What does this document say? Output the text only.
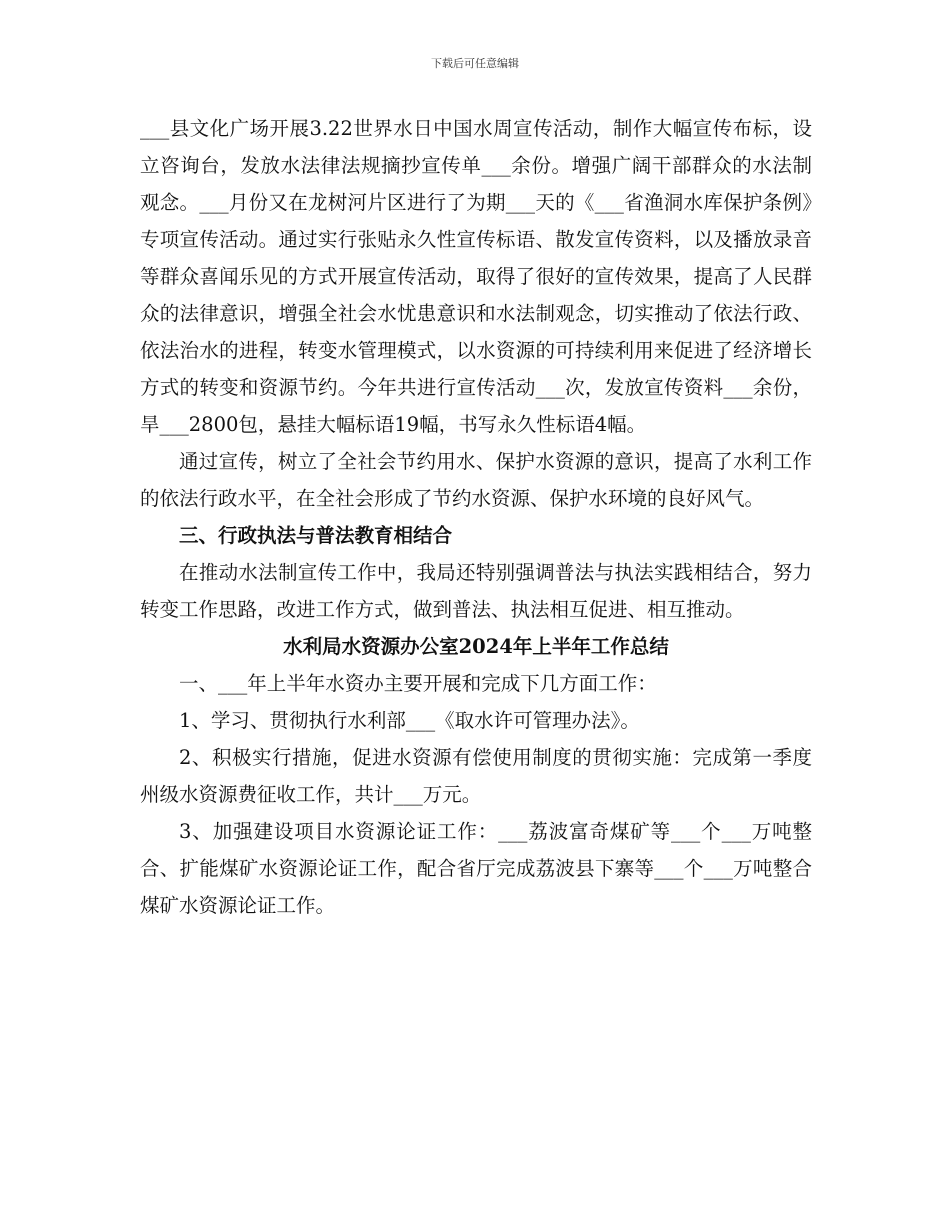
下载后可任意编辑

___县文化广场开展3.22世界水日中国水周宣传活动，制作大幅宣传布标，设立咨询台，发放水法律法规摘抄宣传单___余份。增强广阔干部群众的水法制观念。___月份又在龙树河片区进行了为期___天的《___省渔洞水库保护条例》专项宣传活动。通过实行张贴永久性宣传标语、散发宣传资料，以及播放录音等群众喜闻乐见的方式开展宣传活动，取得了很好的宣传效果，提高了人民群众的法律意识，增强全社会水忧患意识和水法制观念，切实推动了依法行政、依法治水的进程，转变水管理模式，以水资源的可持续利用来促进了经济增长方式的转变和资源节约。今年共进行宣传活动___次，发放宣传资料___余份，旱___2800包，悬挂大幅标语19幅，书写永久性标语4幅。

通过宣传，树立了全社会节约用水、保护水资源的意识，提高了水利工作的依法行政水平，在全社会形成了节约水资源、保护水环境的良好风气。

三、行政执法与普法教育相结合

在推动水法制宣传工作中，我局还特别强调普法与执法实践相结合，努力转变工作思路，改进工作方式，做到普法、执法相互促进、相互推动。

水利局水资源办公室2024年上半年工作总结

一、___年上半年水资办主要开展和完成下几方面工作：

1、学习、贯彻执行水利部___《取水许可管理办法》。

2、积极实行措施，促进水资源有偿使用制度的贯彻实施：完成第一季度州级水资源费征收工作，共计___万元。

3、加强建设项目水资源论证工作：___荔波富奇煤矿等___个___万吨整合、扩能煤矿水资源论证工作，配合省厅完成荔波县下寨等___个___万吨整合煤矿水资源论证工作。
